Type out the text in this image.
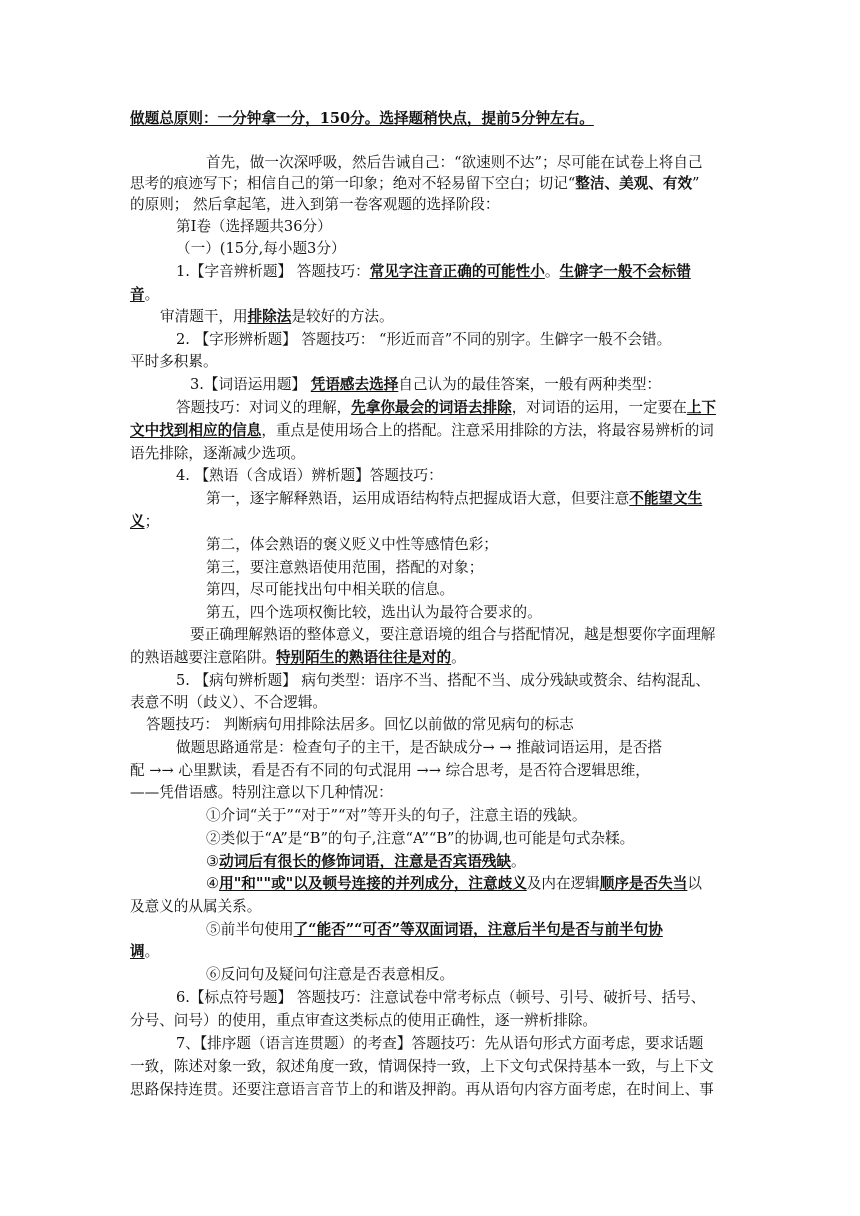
做题总原则：一分钟拿一分，150分。选择题稍快点，提前5分钟左右。
首先，做一次深呼吸，然后告诫自己：“欲速则不达”；尽可能在试卷上将自己
思考的痕迹写下；相信自己的第一印象；绝对不轻易留下空白；切记“整洁、美观、有效”
的原则； 然后拿起笔，进入到第一卷客观题的选择阶段：
第Ⅰ卷（选择题共36分）
（一）(15分,每小题3分）
1.【字音辨析题】 答题技巧：常见字注音正确的可能性小。生僻字一般不会标错
音。
审清题干，用排除法是较好的方法。
2. 【字形辨析题】 答题技巧： “形近而音”不同的别字。生僻字一般不会错。
平时多积累。
3.【词语运用题】 凭语感去选择自己认为的最佳答案，一般有两种类型：
答题技巧：对词义的理解，先拿你最会的词语去排除，对词语的运用，一定要在上下
文中找到相应的信息，重点是使用场合上的搭配。注意采用排除的方法，将最容易辨析的词
语先排除，逐渐减少选项。
4. 【熟语（含成语）辨析题】答题技巧：
第一，逐字解释熟语，运用成语结构特点把握成语大意，但要注意不能望文生
义；
第二，体会熟语的褒义贬义中性等感情色彩；
第三，要注意熟语使用范围，搭配的对象；
第四，尽可能找出句中相关联的信息。
第五，四个选项权衡比较，选出认为最符合要求的。
要正确理解熟语的整体意义，要注意语境的组合与搭配情况，越是想要你字面理解
的熟语越要注意陷阱。特别陌生的熟语往往是对的。
5. 【病句辨析题】 病句类型：语序不当、搭配不当、成分残缺或赘余、结构混乱、
表意不明（歧义）、不合逻辑。
答题技巧： 判断病句用排除法居多。回忆以前做的常见病句的标志
做题思路通常是：检查句子的主干，是否缺成分→ → 推敲词语运用，是否搭
配 →→ 心里默读，看是否有不同的句式混用 →→ 综合思考，是否符合逻辑思维，
——凭借语感。特别注意以下几种情况：
①介词“关于”“对于”“对”等开头的句子，注意主语的残缺。
②类似于“A”是“B”的句子,注意“A”“B”的协调,也可能是句式杂糅。
③动词后有很长的修饰词语，注意是否宾语残缺。
④用"和""或"以及顿号连接的并列成分，注意歧义及内在逻辑顺序是否失当以
及意义的从属关系。
⑤前半句使用了“能否”“可否”等双面词语，注意后半句是否与前半句协
调。
⑥反问句及疑问句注意是否表意相反。
6.【标点符号题】 答题技巧：注意试卷中常考标点（顿号、引号、破折号、括号、
分号、问号）的使用，重点审查这类标点的使用正确性，逐一辨析排除。
7、【排序题（语言连贯题）的考查】答题技巧：先从语句形式方面考虑，要求话题
一致，陈述对象一致，叙述角度一致，情调保持一致，上下文句式保持基本一致，与上下文
思路保持连贯。还要注意语言音节上的和谐及押韵。再从语句内容方面考虑，在时间上、事
